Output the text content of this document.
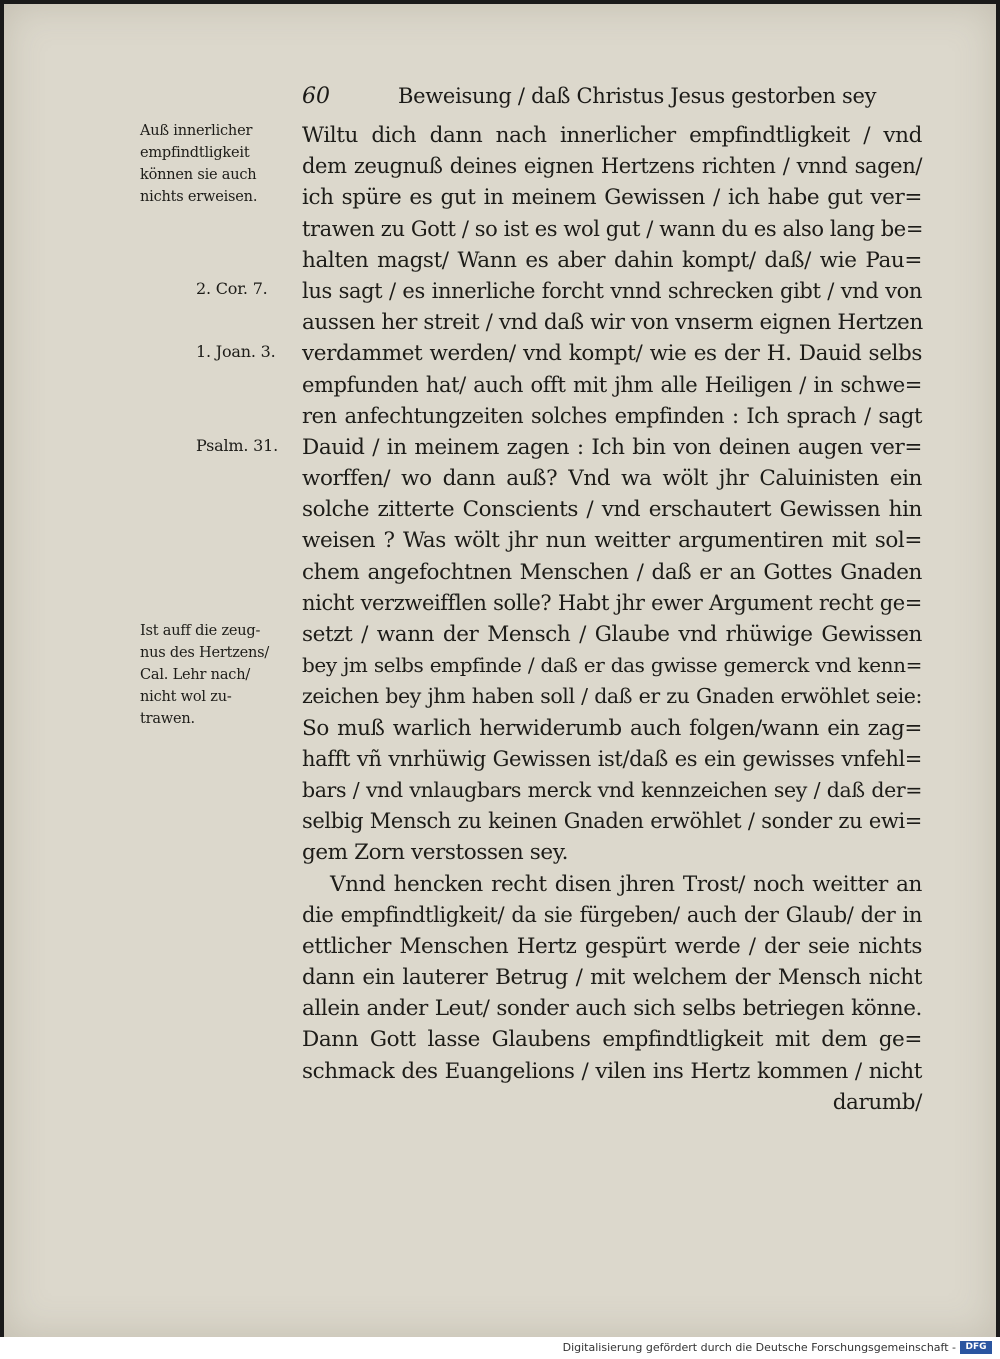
60	Beweisung / daß Christus Jesus gestorben sey
Auß innerlicher
empfindtligkeit
können sie auch
nichts erweisen.
2. Cor. 7.
1. Joan. 3.
Psalm. 31.
Ist auff die zeug-
nus des Hertzens/
Cal. Lehr nach/
nicht wol zu-
trawen.
Wiltu dich dann nach innerlicher empfindtligkeit / vnd
dem zeugnuß deines eignen Hertzens richten / vnnd sagen/
ich spüre es gut in meinem Gewissen / ich habe gut ver=
trawen zu Gott / so ist es wol gut / wann du es also lang be=
halten magst/ Wann es aber dahin kompt/ daß/ wie Pau=
lus sagt / es innerliche forcht vnnd schrecken gibt / vnd von
aussen her streit / vnd daß wir von vnserm eignen Hertzen
verdammet werden/ vnd kompt/ wie es der H. Dauid selbs
empfunden hat/ auch offt mit jhm alle Heiligen / in schwe=
ren anfechtungzeiten solches empfinden : Ich sprach / sagt
Dauid / in meinem zagen : Ich bin von deinen augen ver=
worffen/ wo dann auß? Vnd wa wölt jhr Caluinisten ein
solche zitterte Conscients / vnd erschautert Gewissen hin
weisen ? Was wölt jhr nun weitter argumentiren mit sol=
chem angefochtnen Menschen / daß er an Gottes Gnaden
nicht verzweifflen solle? Habt jhr ewer Argument recht ge=
setzt / wann der Mensch / Glaube vnd rhüwige Gewissen
bey jm selbs empfinde / daß er das gwisse gemerck vnd kenn=
zeichen bey jhm haben soll / daß er zu Gnaden erwöhlet seie:
So muß warlich herwiderumb auch folgen/wann ein zag=
hafft vñ vnrhüwig Gewissen ist/daß es ein gewisses vnfehl=
bars / vnd vnlaugbars merck vnd kennzeichen sey / daß der=
selbig Mensch zu keinen Gnaden erwöhlet / sonder zu ewi=
gem Zorn verstossen sey.
Vnnd hencken recht disen jhren Trost/ noch weitter an
die empfindtligkeit/ da sie fürgeben/ auch der Glaub/ der in
ettlicher Menschen Hertz gespürt werde / der seie nichts
dann ein lauterer Betrug / mit welchem der Mensch nicht
allein ander Leut/ sonder auch sich selbs betriegen könne.
Dann Gott lasse Glaubens empfindtligkeit mit dem ge=
schmack des Euangelions / vilen ins Hertz kommen / nicht
darumb/
Digitalisierung gefördert durch die Deutsche Forschungsgemeinschaft -	DFG
